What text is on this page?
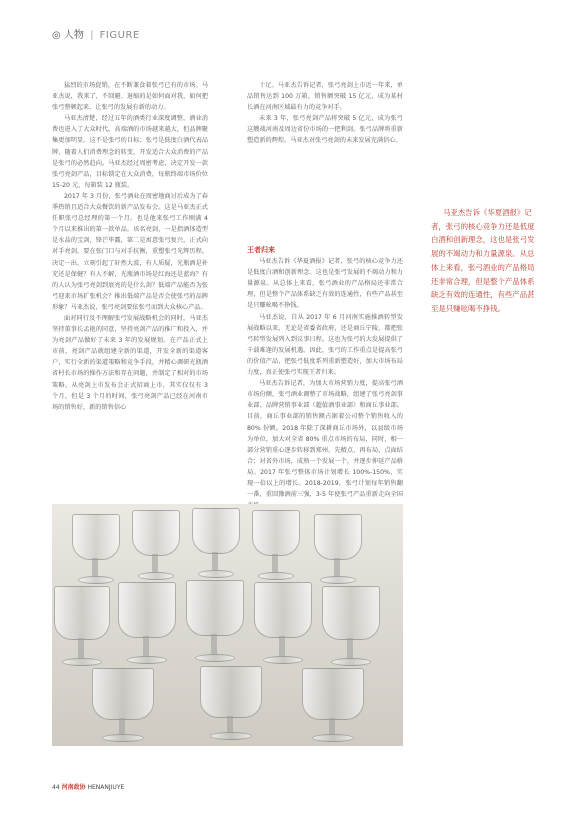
◎ 人物 | FIGURE

猛烈的市场促销，在不断兼食着张弓已有的市场。马亚杰说，我来了，不回避、退缩的是如何面对我，如何把张弓整顿起来，让张弓的发展有新的动力。

马亚杰清楚，经过五年的酒类行业深度调整，酒业消费也进入了大众时代。高端酒的市场越来越大，但品牌聚集更加明显。这不是张弓的目标；张弓是低度白酒代表品牌，随着人们消费理念的转变，开发适合大众消费的产品是张弓的必然趋向。马亚杰经过周密考虑，决定开发一款张弓亮剑产品，目标锁定在大众消费，每瓶终端市场价位 15-20 元，每箱装 12 瓶装。

2017 年 3 月份，张弓酒业在周密地商讨后成为了春季热销且适合大众餐饮的新产品发布会。这是马亚杰正式任职张弓总经理的第一个月。也是他来张弓工作刚满 4 个月以来推出的第一款单品。该名亮剑，一是指酒体造型是水晶的宝剑，锋芒毕露，第二是寓意张弓复兴，正式向对手亮剑。要在张门口与对手抗衡，重塑张弓光辉历程。决定一出，立刻引起了轩然大波，有人质疑，光瓶酒是补充还是保健？有人不解，光瓶酒市场是红海还是蓝海？有的人认为张弓亮剑到底亮的是什么剑？低端产品能否为张弓迎来市场扩张机会？推出低端产品是否会使张弓的品牌形象？马亚杰说，张弓亮剑要依张弓而到大众核心产品。

面对同行及不理解张弓发展战略机会的同时，马亚杰坚持董事长孟艳的同意，坚持亮剑产品的推广和投入，并为亮剑产品做好了未来 3 年的发展规划。在产品正式上市前，亮剑产品就组建全新的渠道，开发全新的渠道客户，实行全新的渠道策略和竞争手段，并精心调研光瓶酒省村长市场的操作方法和存在问题，并制定了相对的市场策略。从亮剑上市发布会正式招商上市，其实仅仅有 3 个月，但是 3 个月的时间，张弓亮剑产品已经在河南市场的销售好，新的销售信心

十足。马亚杰告诉记者，张弓亮剑上市近一年来，单品销售达到 100 万箱，销售额突破 15 亿元，成为某村长酒在河南区域最有力的竞争对手。

未来 3 年，张弓亮剑产品将突破 5 亿元，成为张弓这艘战河南及周边省份市场的一把利剑。张弓品牌将重新塑造新的辉煌。马亚杰对张弓亮剑的未来发展充满信心。

王者归来

马亚杰告诉《华夏酒报》记者，张弓的核心竞争力还是低度白酒和创新理念。这也是张弓发展的不竭动力和力量源泉。从总体上来看，张弓酒业的产品格局还非常合理，但是整个产品体系缺乏有效的连通性，有些产品甚至是只赚吆喝不挣钱。

马亚杰说，自从 2017 年 6 月河南实施推酒转型发展战略以来，无论是省委省政府，还是商丘宁陵，都把张弓转型发展列入到议事日程。这也为张弓的大发展提供了千载难逢的发展机遇。因此，张弓的工作重点是提高张弓的价值产品，把张弓低度系列重新塑造好，加大市场布局力度，真正使张弓实现王者归来。

马亚杰告诉记者，为加大市场营销力度，提高张弓酒市场份额，张弓酒业调整了市场战略，组建了张弓亮剑事业部、品牌营销事业部（超值酒事业部）和商丘事业部。目前，商丘事业部的销售额占据着公司整个销售收入的 80% 份额。2018 年除了深耕商丘市场外，以县级市场为单位，加大对全省 80% 重点市场的布局，同时，相一部分营销重心逐步转移到郑州，先精点，再布局，点面结合；对省外市场，成熟一个发展一个，并逐步伸延产品格局。2017 年张弓整体市场计划增长 100%-150%，实现一倍以上的增长。2018-2019，张弓计划每年销售翻一番，重回豫酒前三强，3-5 年使张弓产品重新走向全国

马亚杰告诉《华夏酒报》记者，张弓的核心竞争力还是低度白酒和创新理念，这也是张弓发展的不竭动力和力量源泉。从总体上来看，张弓酒业的产品格局还非常合理，但是整个产品体系缺乏有效的连通性，有些产品甚至是只赚吆喝不挣钱。
44 河南政协 HENANJIUYE
